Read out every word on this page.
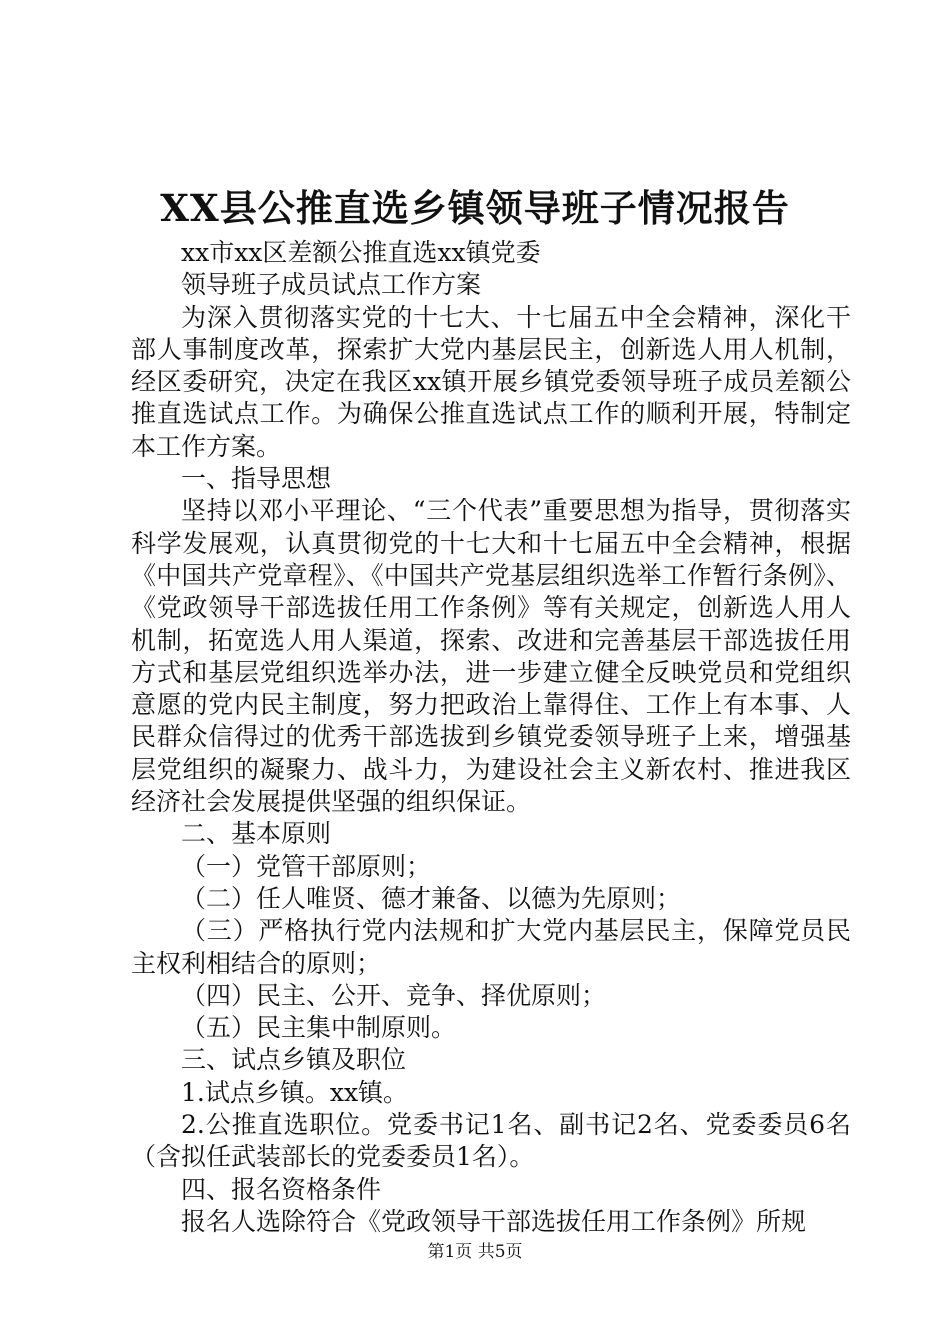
XX县公推直选乡镇领导班子情况报告

xx市xx区差额公推直选xx镇党委

领导班子成员试点工作方案

为深入贯彻落实党的十七大、十七届五中全会精神，深化干部人事制度改革，探索扩大党内基层民主，创新选人用人机制，经区委研究，决定在我区xx镇开展乡镇党委领导班子成员差额公推直选试点工作。为确保公推直选试点工作的顺利开展，特制定本工作方案。

一、指导思想

坚持以邓小平理论、“三个代表”重要思想为指导，贯彻落实科学发展观，认真贯彻党的十七大和十七届五中全会精神，根据《中国共产党章程》、《中国共产党基层组织选举工作暂行条例》、《党政领导干部选拔任用工作条例》等有关规定，创新选人用人机制，拓宽选人用人渠道，探索、改进和完善基层干部选拔任用方式和基层党组织选举办法，进一步建立健全反映党员和党组织意愿的党内民主制度，努力把政治上靠得住、工作上有本事、人民群众信得过的优秀干部选拔到乡镇党委领导班子上来，增强基层党组织的凝聚力、战斗力，为建设社会主义新农村、推进我区经济社会发展提供坚强的组织保证。

二、基本原则

（一）党管干部原则；

（二）任人唯贤、德才兼备、以德为先原则；

（三）严格执行党内法规和扩大党内基层民主，保障党员民主权利相结合的原则；

（四）民主、公开、竞争、择优原则；

（五）民主集中制原则。

三、试点乡镇及职位

1.试点乡镇。xx镇。

2.公推直选职位。党委书记1名、副书记2名、党委委员6名（含拟任武装部长的党委委员1名）。

四、报名资格条件

报名人选除符合《党政领导干部选拔任用工作条例》所规

第1页 共5页
